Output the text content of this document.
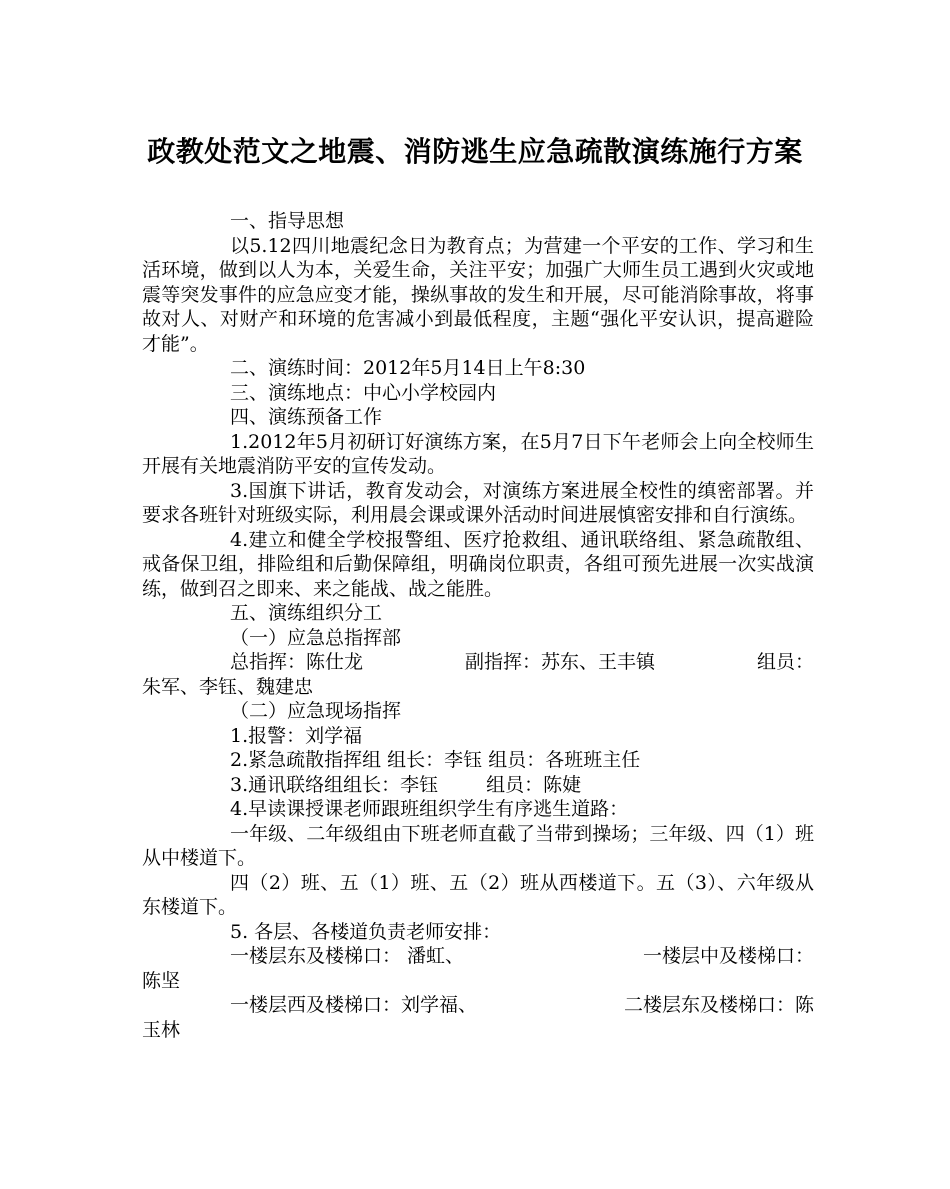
政教处范文之地震、消防逃生应急疏散演练施行方案

一、指导思想

以5.12四川地震纪念日为教育点；为营建一个平安的工作、学习和生活环境，做到以人为本，关爱生命，关注平安；加强广大师生员工遇到火灾或地震等突发事件的应急应变才能，操纵事故的发生和开展，尽可能消除事故，将事故对人、对财产和环境的危害减小到最低程度，主题“强化平安认识，提高避险才能”。

二、演练时间：2012年5月14日上午8:30

三、演练地点：中心小学校园内

四、演练预备工作

1.2012年5月初研订好演练方案，在5月7日下午老师会上向全校师生开展有关地震消防平安的宣传发动。

3.国旗下讲话，教育发动会，对演练方案进展全校性的缜密部署。并要求各班针对班级实际，利用晨会课或课外活动时间进展慎密安排和自行演练。

4.建立和健全学校报警组、医疗抢救组、通讯联络组、紧急疏散组、戒备保卫组，排险组和后勤保障组，明确岗位职责，各组可预先进展一次实战演练，做到召之即来、来之能战、战之能胜。

五、演练组织分工

（一）应急总指挥部

总指挥：陈仕龙	副指挥：苏东、王丰镇	组员：

朱军、李钰、魏建忠

（二）应急现场指挥

1.报警：刘学福

2.紧急疏散指挥组 组长：李钰 组员：各班班主任

3.通讯联络组组长：李钰	组员：陈婕

4.早读课授课老师跟班组织学生有序逃生道路：

一年级、二年级组由下班老师直截了当带到操场；三年级、四（1）班从中楼道下。

四（2）班、五（1）班、五（2）班从西楼道下。五（3）、六年级从东楼道下。

5. 各层、各楼道负责老师安排：

一楼层东及楼梯口： 潘虹、	一楼层中及楼梯口：

陈坚

一楼层西及楼梯口：刘学福、	二楼层东及楼梯口：陈

玉林
